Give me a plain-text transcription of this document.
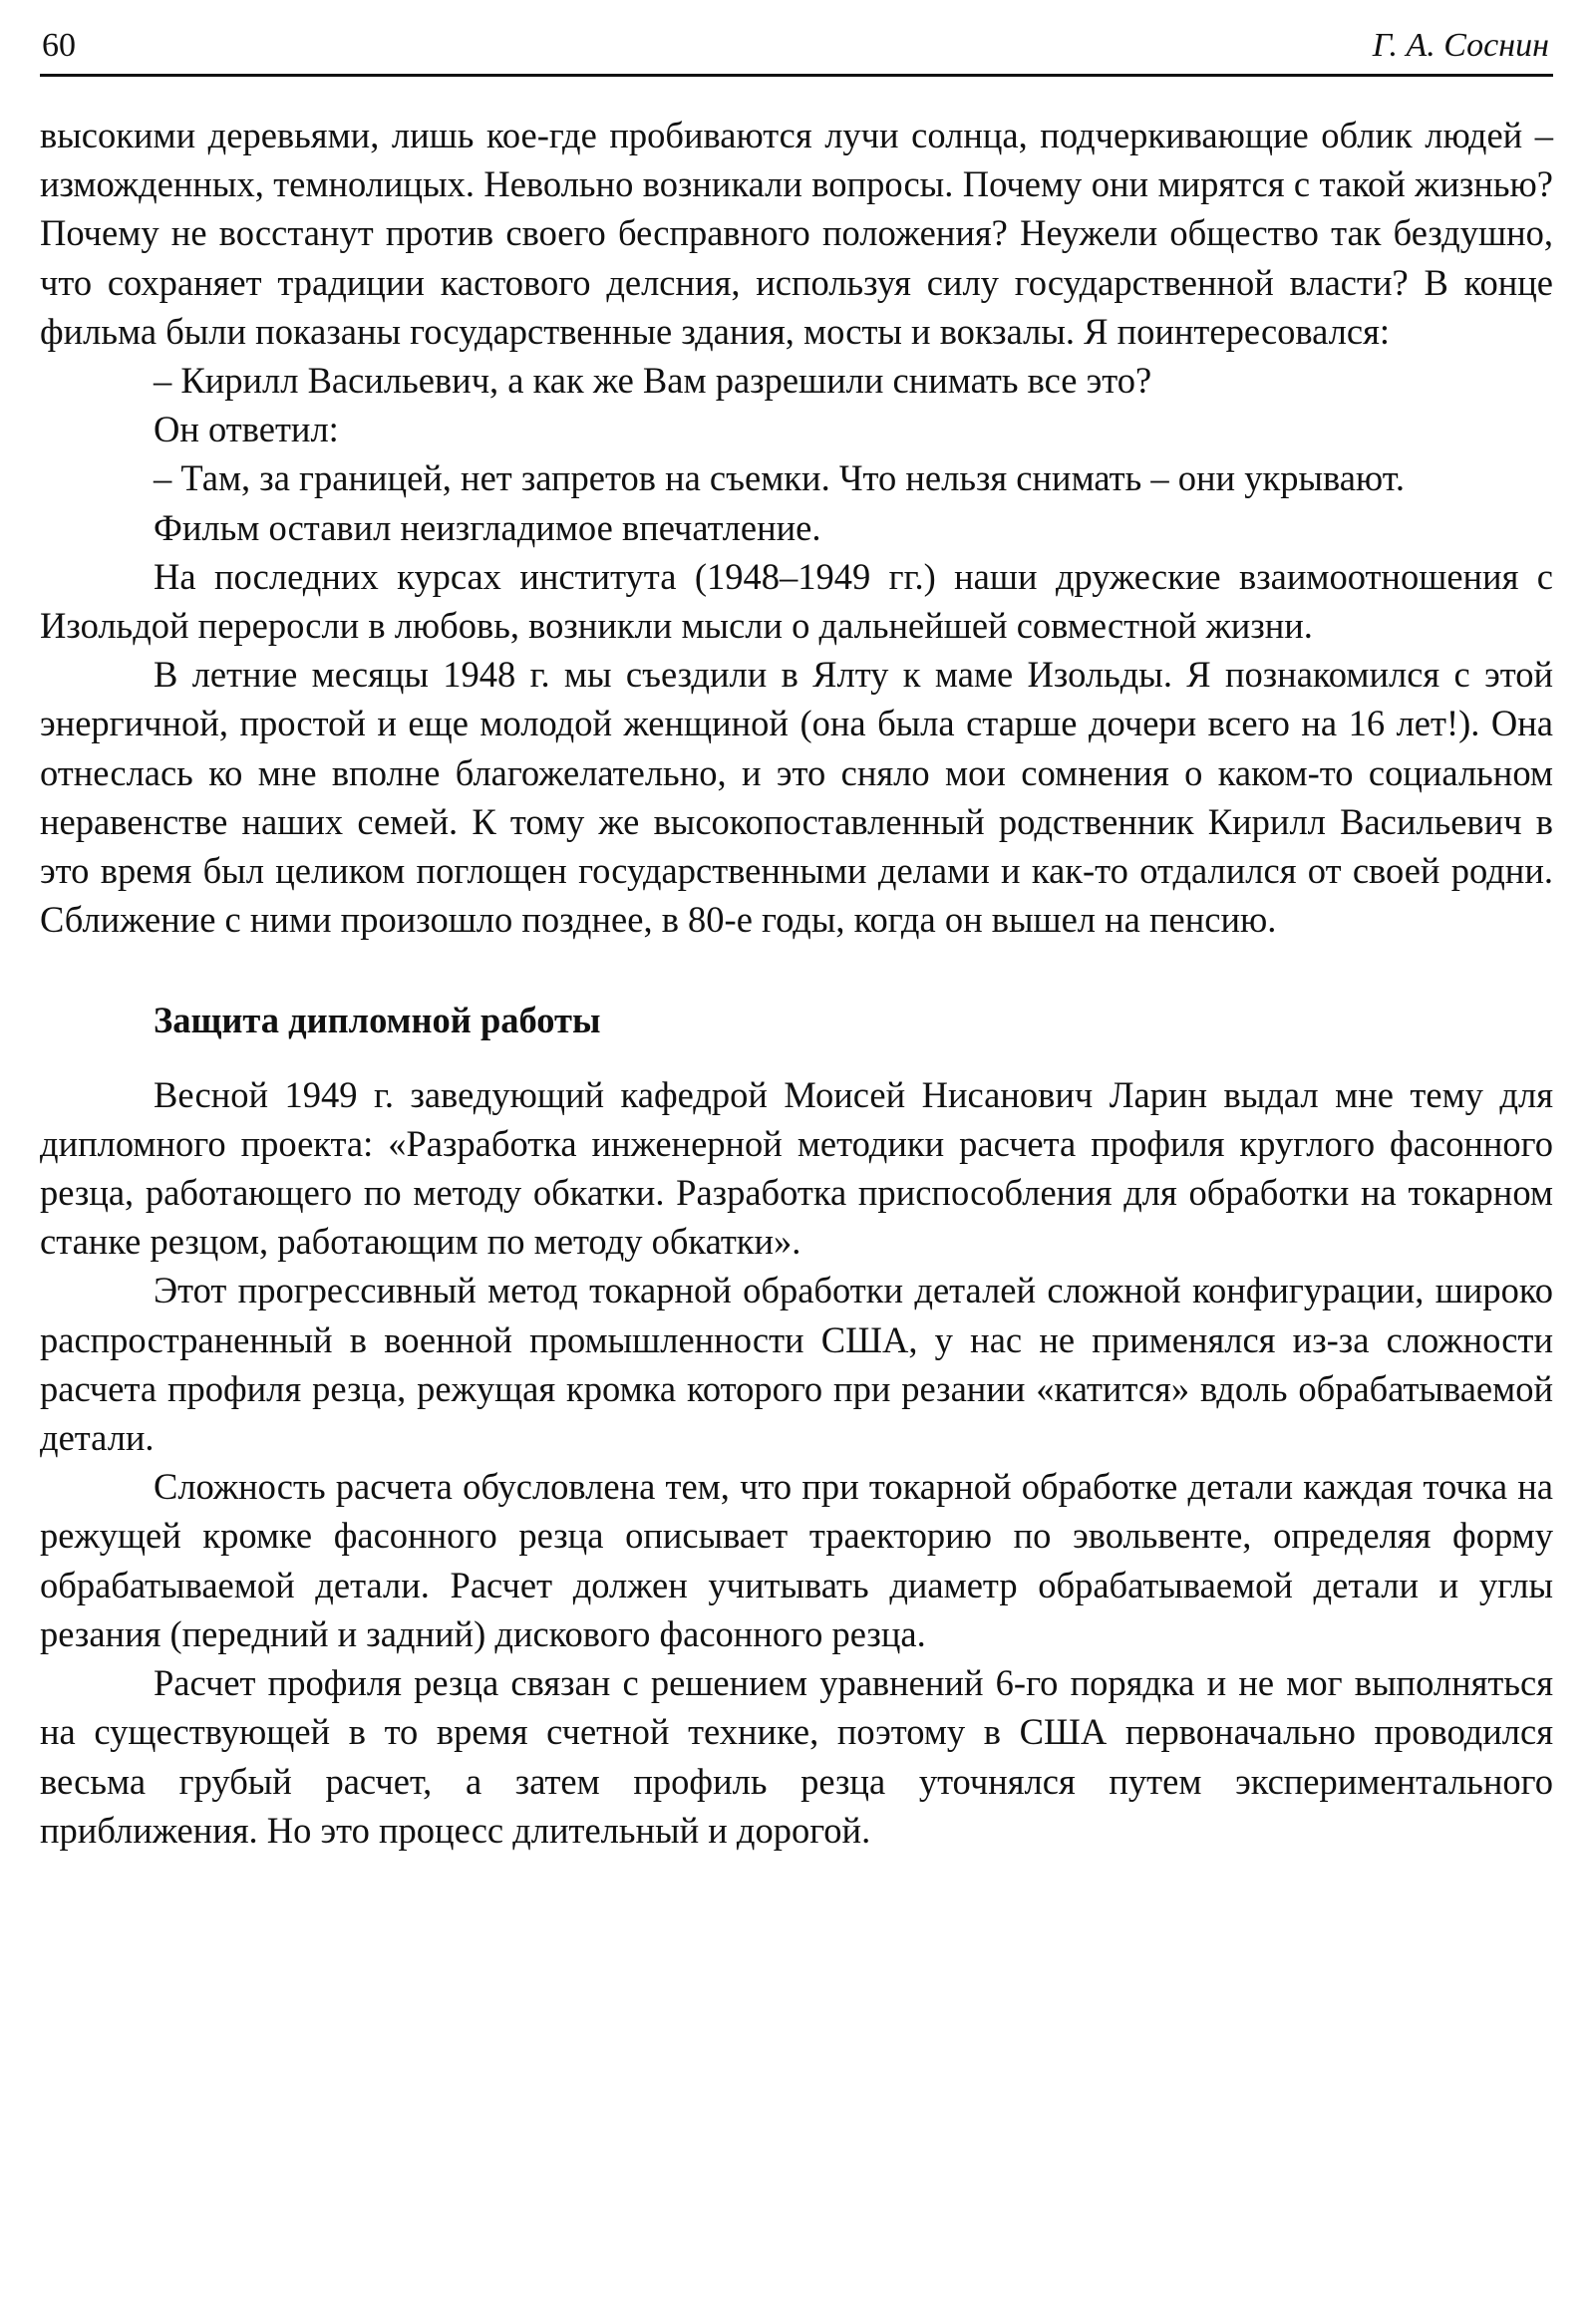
60	Г. А. Соснин

высокими деревьями, лишь кое-где пробиваются лучи солнца, подчеркивающие облик людей – изможденных, темнолицых. Невольно возникали вопросы. Почему они мирятся с такой жизнью? Почему не восстанут против своего бесправного положения? Неужели общество так бездушно, что сохраняет традиции кастового делсния, используя силу государственной власти? В конце фильма были показаны государственные здания, мосты и вокзалы. Я поинтересовался:

– Кирилл Васильевич, а как же Вам разрешили снимать все это?

Он ответил:

– Там, за границей, нет запретов на съемки. Что нельзя снимать – они укрывают.

Фильм оставил неизгладимое впечатление.

На последних курсах института (1948–1949 гг.) наши дружеские взаимоотношения с Изольдой переросли в любовь, возникли мысли о дальнейшей совместной жизни.

В летние месяцы 1948 г. мы съездили в Ялту к маме Изольды. Я познакомился с этой энергичной, простой и еще молодой женщиной (она была старше дочери всего на 16 лет!). Она отнеслась ко мне вполне благожелательно, и это сняло мои сомнения о каком-то социальном неравенстве наших семей. К тому же высокопоставленный родственник Кирилл Васильевич в это время был целиком поглощен государственными делами и как-то отдалился от своей родни. Сближение с ними произошло позднее, в 80-е годы, когда он вышел на пенсию.

Защита дипломной работы

Весной 1949 г. заведующий кафедрой Моисей Нисанович Ларин выдал мне тему для дипломного проекта: «Разработка инженерной методики расчета профиля круглого фасонного резца, работающего по методу обкатки. Разработка приспособления для обработки на токарном станке резцом, работающим по методу обкатки».

Этот прогрессивный метод токарной обработки деталей сложной конфигурации, широко распространенный в военной промышленности США, у нас не применялся из-за сложности расчета профиля резца, режущая кромка которого при резании «катится» вдоль обрабатываемой детали.

Сложность расчета обусловлена тем, что при токарной обработке детали каждая точка на режущей кромке фасонного резца описывает траекторию по эвольвенте, определяя форму обрабатываемой детали. Расчет должен учитывать диаметр обрабатываемой детали и углы резания (передний и задний) дискового фасонного резца.

Расчет профиля резца связан с решением уравнений 6-го порядка и не мог выполняться на существующей в то время счетной технике, поэтому в США первоначально проводился весьма грубый расчет, а затем профиль резца уточнялся путем экспериментального приближения. Но это процесс длительный и дорогой.
